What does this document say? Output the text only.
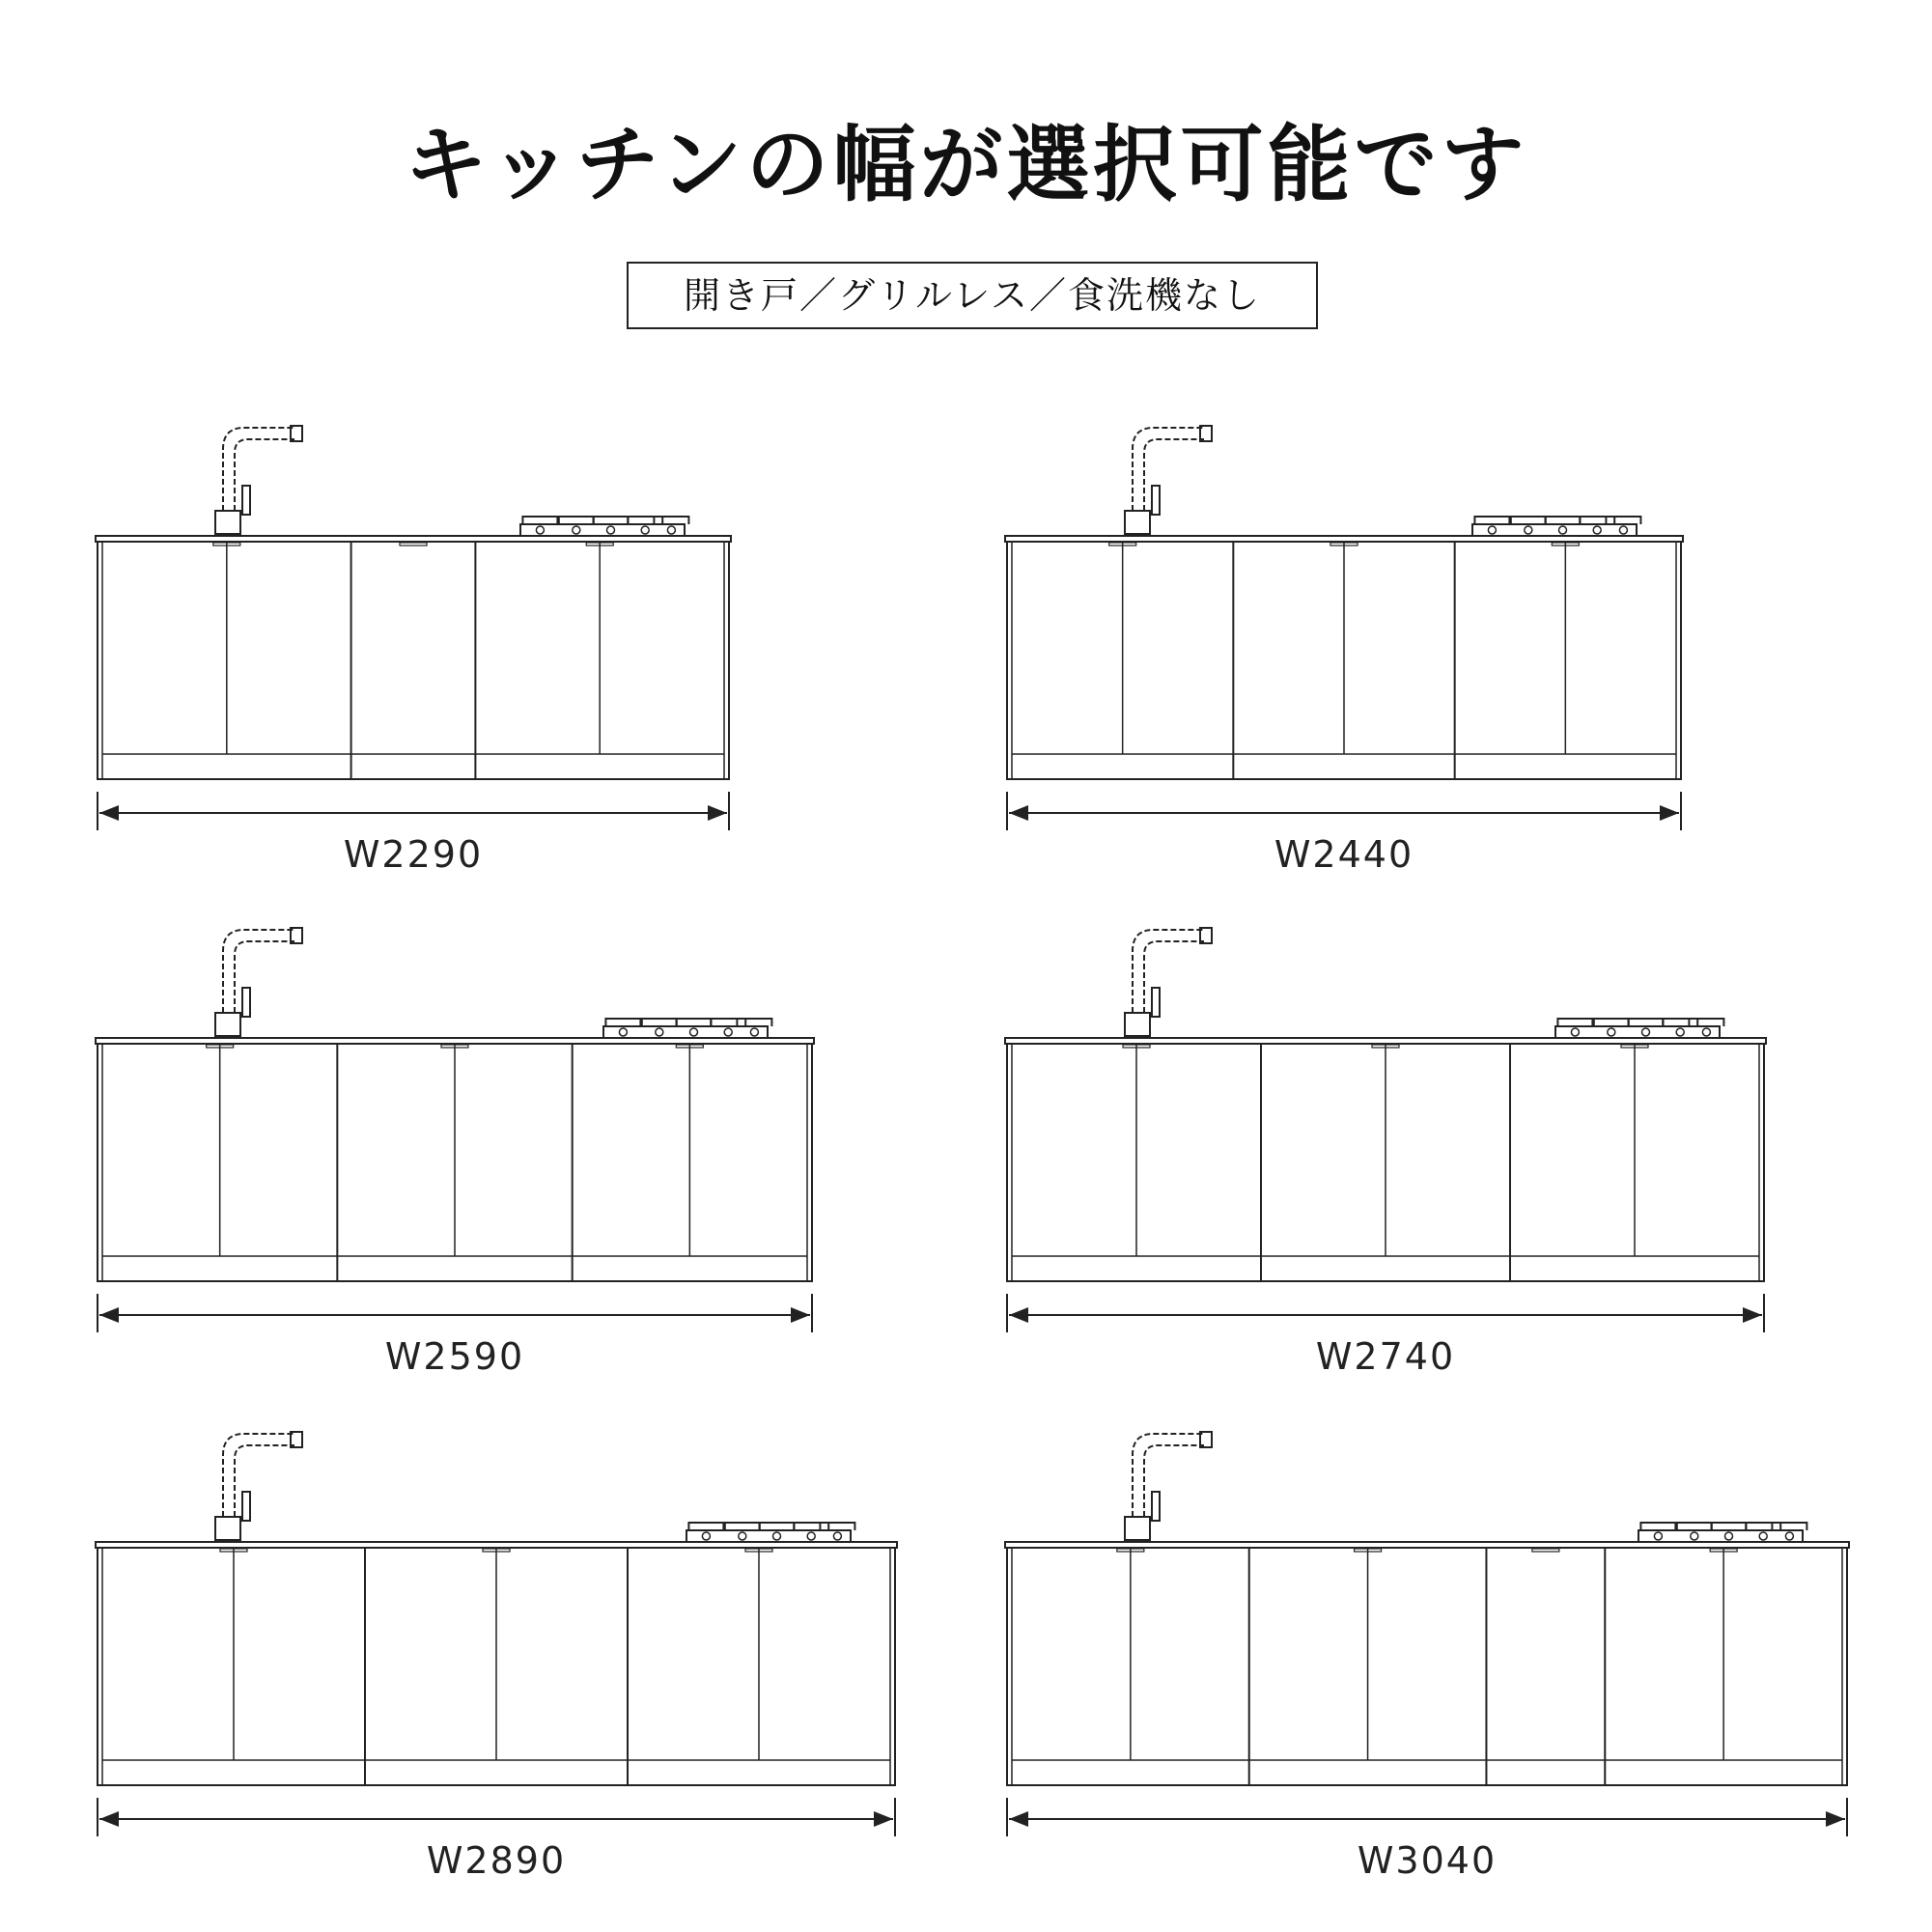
キッチンの幅が選択可能です
開き戸／グリルレス／食洗機なし
W2290	W2440
W2590	W2740
W2890	W3040
